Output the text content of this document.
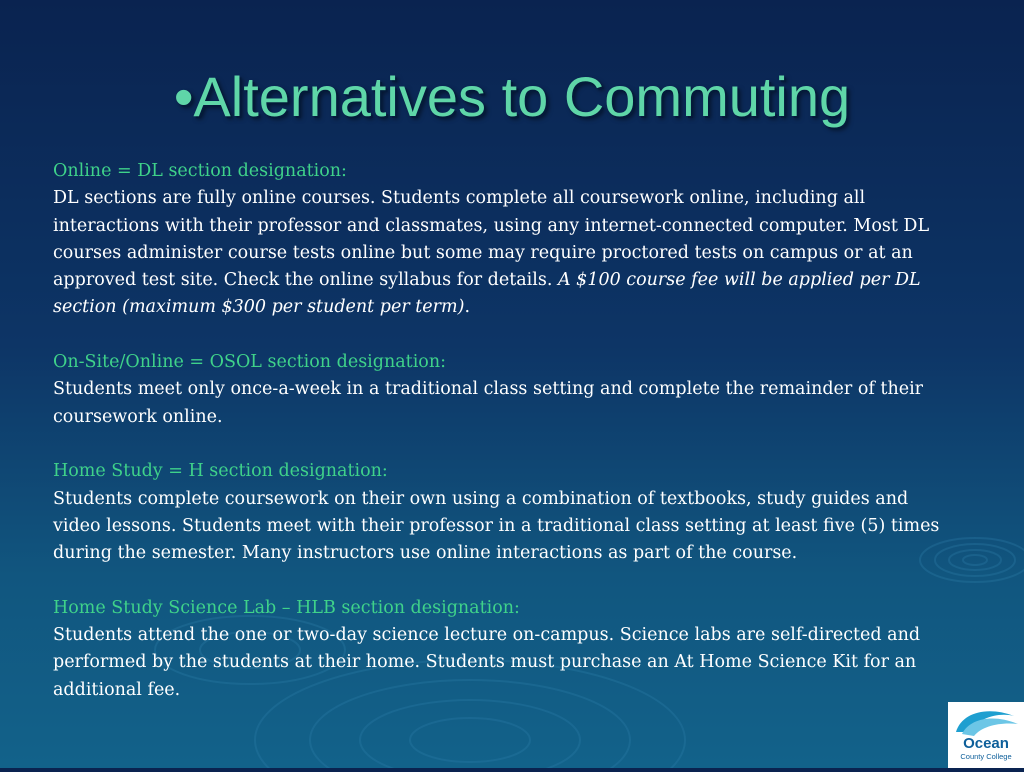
•Alternatives to Commuting
Online = DL section designation:
DL sections are fully online courses. Students complete all coursework online, including all interactions with their professor and classmates, using any internet-connected computer. Most DL courses administer course tests online but some may require proctored tests on campus or at an approved test site. Check the online syllabus for details. A $100 course fee will be applied per DL section (maximum $300 per student per term).
On-Site/Online = OSOL section designation:
Students meet only once-a-week in a traditional class setting and complete the remainder of their coursework online.
Home Study = H section designation:
Students complete coursework on their own using a combination of textbooks, study guides and video lessons. Students meet with their professor in a traditional class setting at least five (5) times during the semester. Many instructors use online interactions as part of the course.
Home Study Science Lab – HLB section designation:
Students attend the one or two-day science lecture on-campus. Science labs are self-directed and performed by the students at their home. Students must purchase an At Home Science Kit for an additional fee.
Ocean
County College
